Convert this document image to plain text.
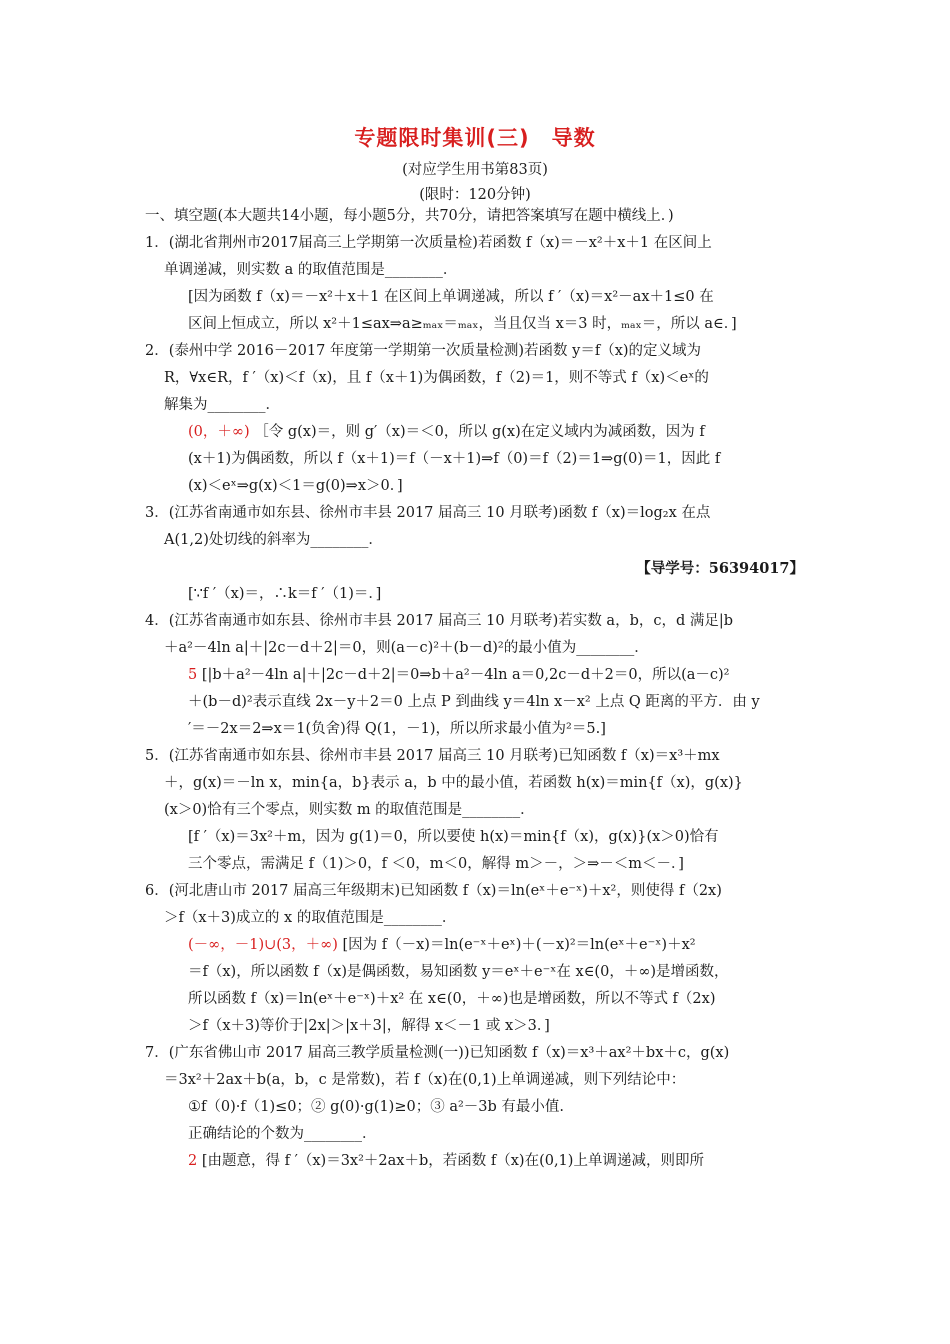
专题限时集训(三)　导数
(对应学生用书第83页)
(限时：120分钟)
一、填空题(本大题共14小题，每小题5分，共70分，请把答案填写在题中横线上．)
1．(湖北省荆州市2017届高三上学期第一次质量检)若函数 f（x)＝－x²＋x＋1 在区间上
单调递减，则实数 a 的取值范围是________．
[因为函数 f（x)＝－x²＋x＋1 在区间上单调递减，所以 f ′（x)＝x²－ax＋1≤0 在
区间上恒成立，所以 x²＋1≤ax⇒a≥ₘₐₓ＝ₘₐₓ，当且仅当 x＝3 时，ₘₐₓ＝，所以 a∈．]
2．(泰州中学 2016－2017 年度第一学期第一次质量检测)若函数 y＝f（x)的定义域为
R，∀x∈R，f ′（x)＜f（x)，且 f（x＋1)为偶函数，f（2)＝1，则不等式 f（x)＜eˣ的
解集为________．
(0，＋∞) ［令 g(x)＝，则 g′（x)＝＜0，所以 g(x)在定义域内为减函数，因为 f
(x＋1)为偶函数，所以 f（x＋1)＝f（－x＋1)⇒f（0)＝f（2)＝1⇒g(0)＝1，因此 f
(x)＜eˣ⇒g(x)＜1＝g(0)⇒x＞0．]
3．(江苏省南通市如东县、徐州市丰县 2017 届高三 10 月联考)函数 f（x)＝log₂x 在点
A(1,2)处切线的斜率为________．
【导学号：56394017】
[∵f ′（x)＝，∴k＝f ′（1)＝．]
4．(江苏省南通市如东县、徐州市丰县 2017 届高三 10 月联考)若实数 a，b，c，d 满足|b
＋a²－4ln a|＋|2c－d＋2|＝0，则(a－c)²＋(b－d)²的最小值为________．
5 [|b＋a²－4ln a|＋|2c－d＋2|＝0⇒b＋a²－4ln a＝0,2c－d＋2＝0，所以(a－c)²
＋(b－d)²表示直线 2x－y＋2＝0 上点 P 到曲线 y＝4ln x－x² 上点 Q 距离的平方．由 y
′＝－2x＝2⇒x＝1(负舍)得 Q(1，－1)，所以所求最小值为²＝5.]
5．(江苏省南通市如东县、徐州市丰县 2017 届高三 10 月联考)已知函数 f（x)＝x³＋mx
＋，g(x)＝－ln x，min{a，b}表示 a，b 中的最小值，若函数 h(x)＝min{f（x)，g(x)}
(x＞0)恰有三个零点，则实数 m 的取值范围是________．
[f ′（x)＝3x²＋m，因为 g(1)＝0，所以要使 h(x)＝min{f（x)，g(x)}(x＞0)恰有
三个零点，需满足 f（1)＞0，f ＜0，m＜0，解得 m＞－，＞⇒－＜m＜－．]
6．(河北唐山市 2017 届高三年级期末)已知函数 f（x)＝ln(eˣ＋e⁻ˣ)＋x²，则使得 f（2x)
＞f（x＋3)成立的 x 的取值范围是________．
(－∞，－1)∪(3，＋∞) [因为 f（－x)＝ln(e⁻ˣ＋eˣ)＋(－x)²＝ln(eˣ＋e⁻ˣ)＋x²
＝f（x)，所以函数 f（x)是偶函数，易知函数 y＝eˣ＋e⁻ˣ在 x∈(0，＋∞)是增函数，
所以函数 f（x)＝ln(eˣ＋e⁻ˣ)＋x² 在 x∈(0，＋∞)也是增函数，所以不等式 f（2x)
＞f（x＋3)等价于|2x|＞|x＋3|，解得 x＜－1 或 x＞3．]
7．(广东省佛山市 2017 届高三教学质量检测(一))已知函数 f（x)＝x³＋ax²＋bx＋c，g(x)
＝3x²＋2ax＋b(a，b，c 是常数)，若 f（x)在(0,1)上单调递减，则下列结论中：
①f（0)·f（1)≤0；② g(0)·g(1)≥0；③ a²－3b 有最小值.
正确结论的个数为________．
2 [由题意，得 f ′（x)＝3x²＋2ax＋b，若函数 f（x)在(0,1)上单调递减，则即所
